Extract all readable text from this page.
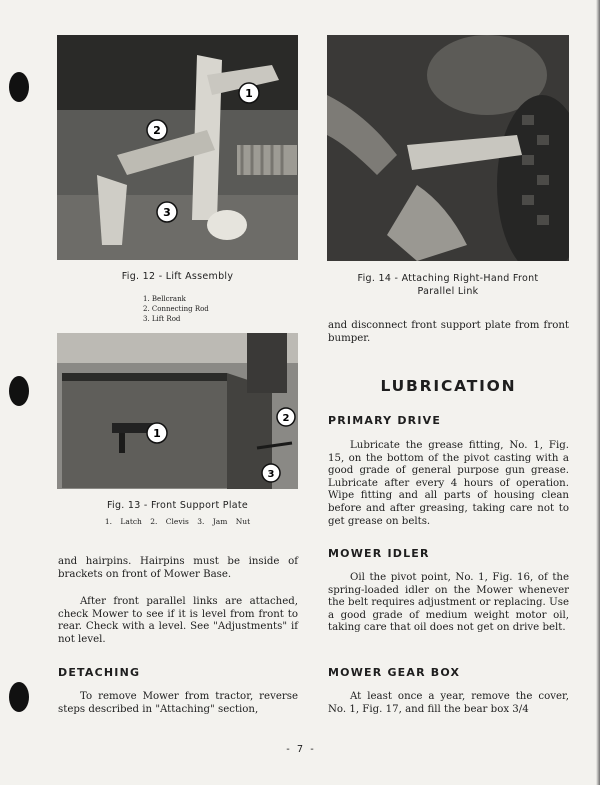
1
2
3
Fig. 12 - Lift Assembly
1. Bellcrank
2. Connecting Rod
3. Lift Rod
1
2
3
Fig. 13 - Front Support Plate
1. Latch 2. Clevis 3. Jam Nut
Fig. 14 - Attaching Right-Hand Front
Parallel Link

and hairpins. Hairpins must be inside of brackets on front of Mower Base.

After front parallel links are attached, check Mower to see if it is level from front to rear. Check with a level. See "Adjustments" if not level.

DETACHING

To remove Mower from tractor, reverse steps described in "Attaching" section,

and disconnect front support plate from front bumper.

LUBRICATION
PRIMARY DRIVE

Lubricate the grease fitting, No. 1, Fig. 15, on the bottom of the pivot casting with a good grade of general purpose gun grease. Lubricate after every 4 hours of operation. Wipe fitting and all parts of housing clean before and after greasing, taking care not to get grease on belts.

MOWER IDLER

Oil the pivot point, No. 1, Fig. 16, of the spring-loaded idler on the Mower whenever the belt requires adjustment or replacing. Use a good grade of medium weight motor oil, taking care that oil does not get on drive belt.

MOWER GEAR BOX

At least once a year, remove the cover, No. 1, Fig. 17, and fill the bear box 3/4

- 7 -
